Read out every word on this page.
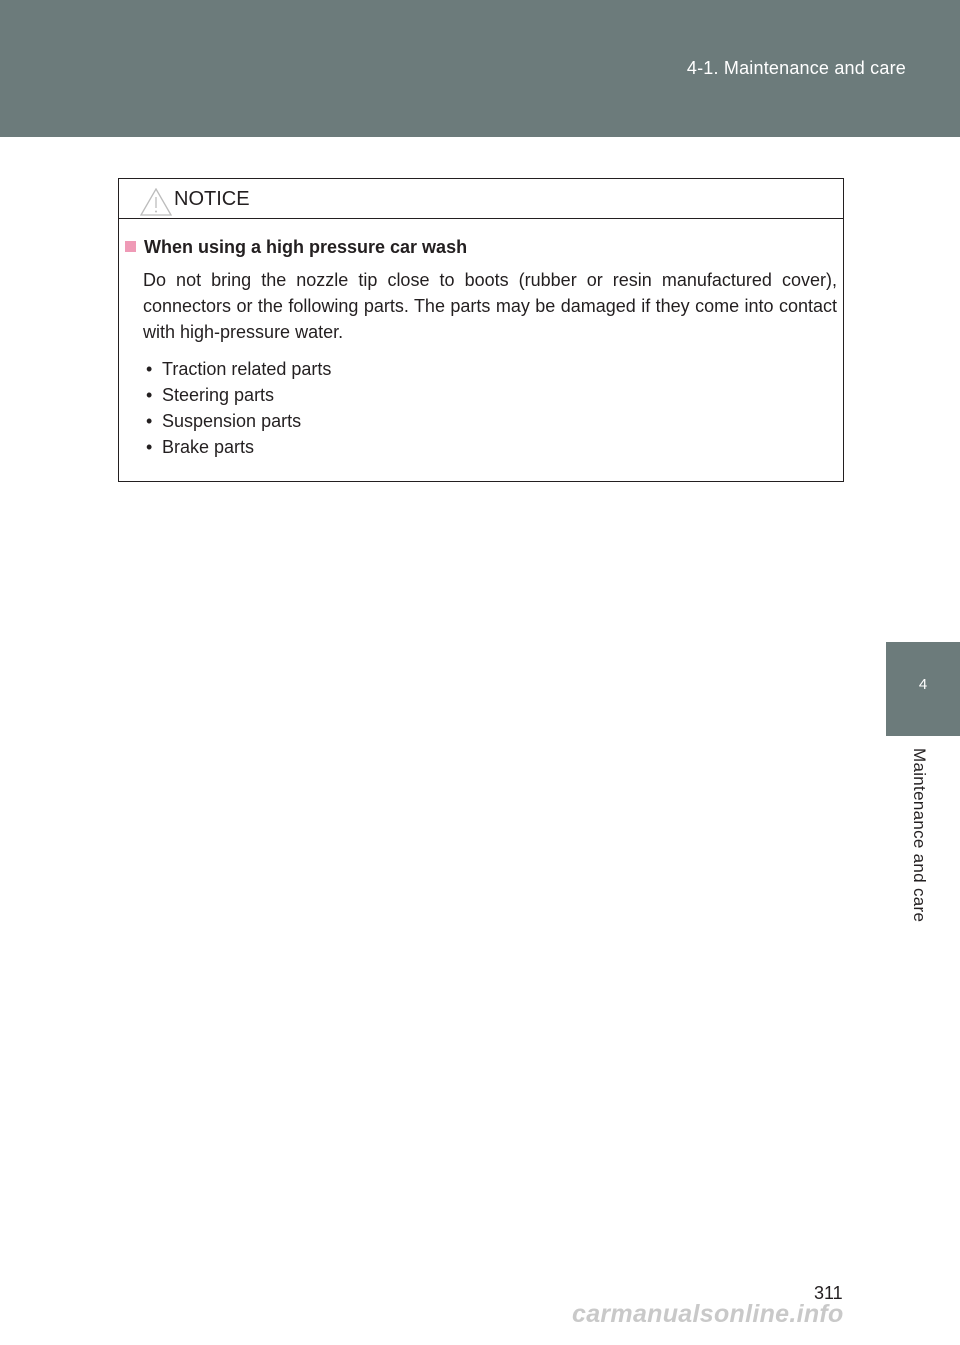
4-1. Maintenance and care
4
Maintenance and care
NOTICE
When using a high pressure car wash

Do not bring the nozzle tip close to boots (rubber or resin manufactured cover), connectors or the following parts. The parts may be damaged if they come into contact with high-pressure water.

• Traction related parts
• Steering parts
• Suspension parts
• Brake parts
311
carmanualsonline.info
